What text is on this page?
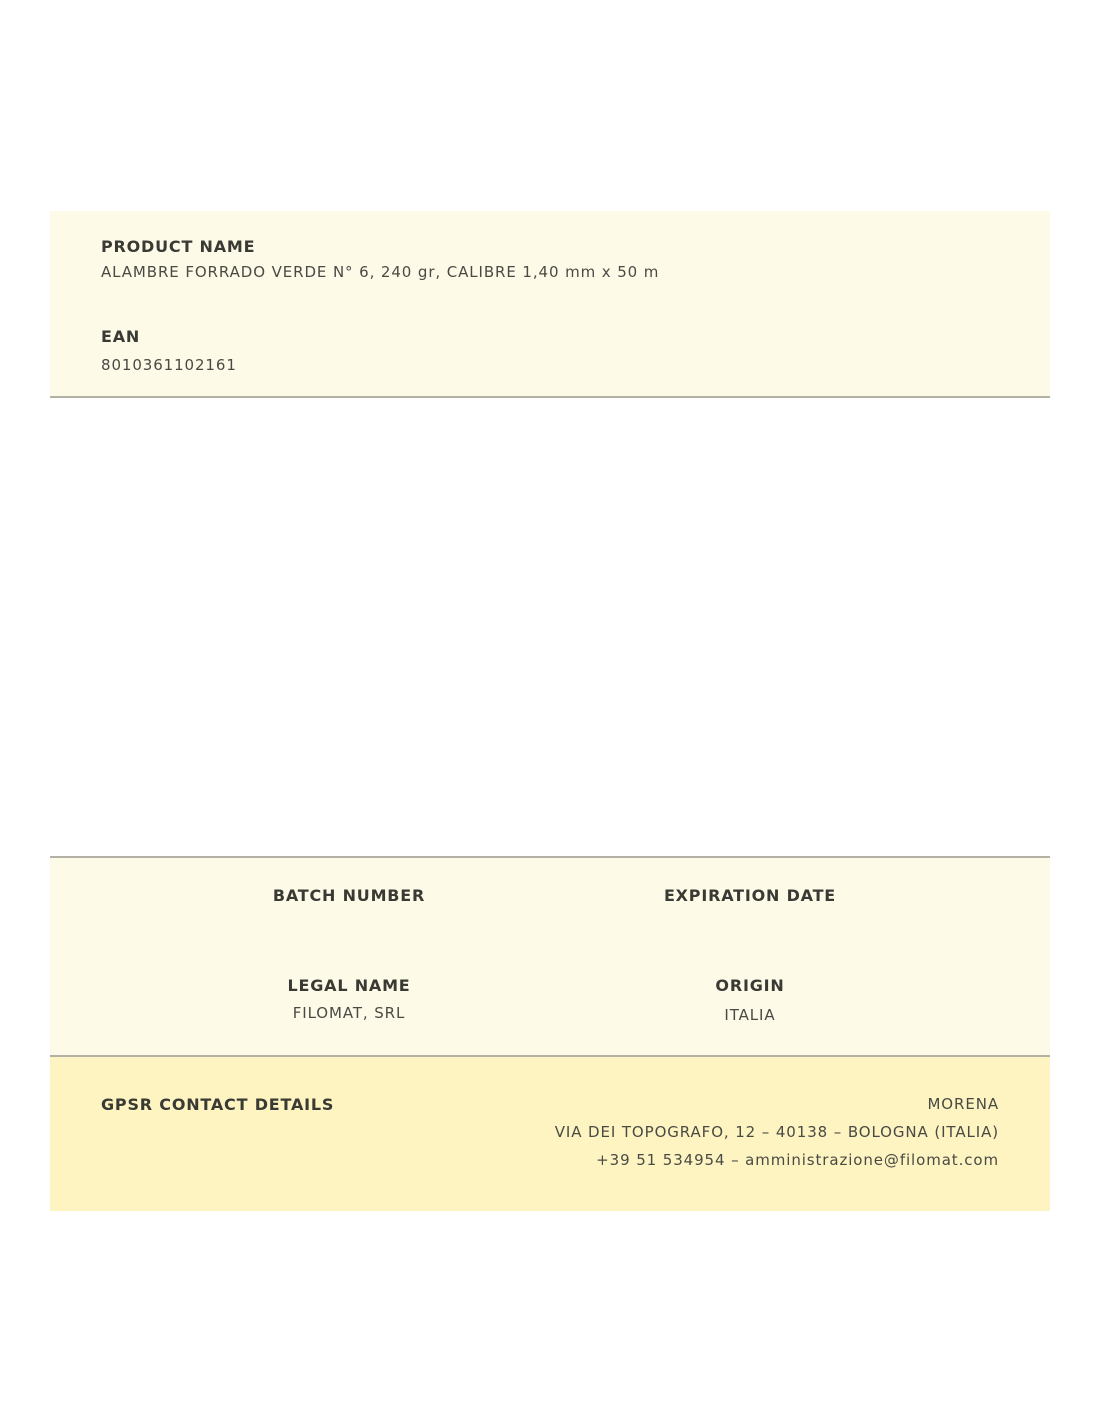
PRODUCT NAME
ALAMBRE FORRADO VERDE N° 6, 240 gr, CALIBRE 1,40 mm x 50 m
EAN
8010361102161
BATCH NUMBER	EXPIRATION DATE
LEGAL NAME
FILOMAT, SRL
ORIGIN
ITALIA
GPSR CONTACT DETAILS	MORENA
VIA DEI TOPOGRAFO, 12 – 40138 – BOLOGNA (ITALIA)
+39 51 534954 – amministrazione@filomat.com
